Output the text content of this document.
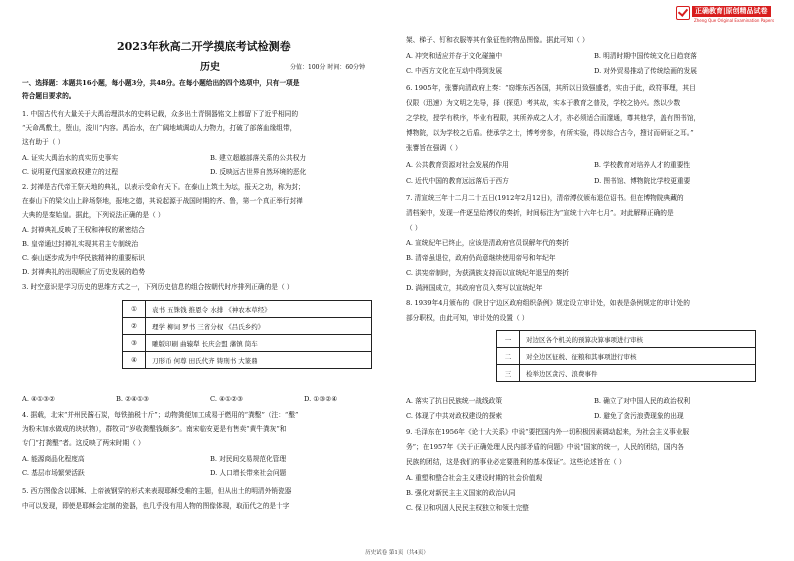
正确教育|原创精品试卷
Zheng Que Original Examination Papers
2023年秋高二开学摸底考试检测卷
历史	分值：100分 时间：60分钟
一、选择题：本题共16小题，每小题3分，共48分。在每小题给出的四个选项中，只有一项是
符合题目要求的。
1. 中国古代有大量关于大禹治理洪水的史料记载，众多出土青铜器铭文上都留下了近乎相同的
“天命禹敷土，堕山，浚川”内容。禹治水，在广阔地域调动人力物力，打破了部落血缘组带，
这有助于（ ）
A. 证实大禹治水的真实历史事实	B. 建立超越部落关系的公共权力
C. 说明夏代国家政权建立的过程	D. 反映远古世界自然环境的恶化
2. 封禅是古代帝王祭天地的典礼，以表示受命有天下。在泰山上筑土为坛，报天之功，称为封；
在泰山下的梁父山上辟场祭地，报地之德，其说起源于战国时期的齐、鲁，第一个真正举行封禅
大典的是秦始皇。据此，下列说法正确的是（ ）
A. 封禅典礼反映了王权和神权的紧密结合
B. 皇帝通过封禅礼实现其君主专制统治
C. 泰山逐步成为中华民族精神的重要标识
D. 封禅典礼的出现顺应了历史发展的趋势
3. 时空意识是学习历史的思维方式之一，下列历史信息的组合按朝代时序排列正确的是（ ）
①	袁书 五铢钱 推恩令 水排 《神农本草经》
②	理学 柳词 罗书 三省分权 《吕氏乡约》
③	雕版印刷 曲辕犁 长庆会盟 藩镇 筒车
④	刀形币 何尊 田氏代齐 铸刑书 大篆鼎
A. ④①③②	B. ②④①③	C. ④①②③	D. ①③②④
4. 据载，北宋“并州民酱石炭，每铁抽税十斤”；动物粪便加工成易于燃用的“粪墼”（注：“墼”
为粉末加水做成的块状物），群牧司“岁收粪墼钱颇多”。南宋临安更是有售卖“黄牛粪灰”和
专门“打粪墼”者。这反映了两宋时期（ ）
A. 能源商品化程度高	B. 对民间交易规范化管理
C. 基层市场繁荣活跃	D. 人口增长带来社会问题
5. 西方图像含以耶稣、上帝被钢穿的形式来表现耶稣受难的主题，但从出土的明清外销瓷器
中可以发现，即使是耶稣会定制的瓷器，也几乎没有用人物的图像体现，取而代之的是十字
架、梯子、钉和衣服等其有象征性的物品图像。据此可知（ ）
A. 冲突和适应并存于文化碰撞中	B. 明清时期中国传统文化日趋衰落
C. 中西方文化在互动中得到发展	D. 对外贸易推动了传统绘画的发展
6. 1905年，张謇向清政府上奏：“窃维东西各国，其所以日致强盛者，实由于此，政符事理，其目
仅限（迅速）为文明之先导，择（探觅）考其故，实本于教育之普及，学校之协兴。然以少数
之学校，授学有秩序，毕业有程限，其所养成之人才，亦必须适合而邃通，尊其他学，盖有图书馆，
博物院，以为学校之后盾。使承学之士，博考旁参，有所实验，得以综合古今，搜讨而研证之耳。”
张謇旨在强调（ ）
A. 公共教育资源对社会发展的作用	B. 学校教育对培养人才的重要性
C. 近代中国的教育远远落后于西方	D. 图书馆、博物院比学校更重要
7. 清宣统三年十二月二十五日(1912年2月12日)，清帝溥仪颁布退位诏书。但在博物院典藏的
清档案中，发现一件逐呈给溥仪的奏折，时间标注为“宣统十六年七月”。对此解释正确的是
（ ）
A. 宣统紀年已终止，应该是清政府官员误解年代的奏折
B. 清帝虽退位，政府仍尚意继续使用帝号和年纪年
C. 洪宪帝制时，为获满族支持而以宣统纪年退呈的奏折
D. 满洲国成立，其政府官员入奏写以宣统纪年
8. 1939年4月颁布的《陕甘宁边区政府组织条例》规定设立审计处，如表是条例规定的审计处的
部分职权，由此可知，审计处的设置（ ）
一	对边区各个机关的预算决算事项进行审核
二	对全边区征税、征粮和其事项进行审核
三	检举边区贪污、浪费事件
A. 落实了抗日民族统一战线政策	B. 确立了对中国人民的政治权利
C. 体现了中共对政权建设的探索	D. 避免了贪污浪费现象的出现
9. 毛泽东在1956年《论十大关系》中说“要把国内外一切积极因素调动起来，为社会主义事业服
务”；在1957年《关于正确处理人民内部矛盾的问题》中说“国家的统一，人民的团结，国内各
民族的团结，这是我们的事业必定要胜利的基本保证”。这些论述旨在（ ）
A. 重塑和整合社会主义建设时期的社会价值观
B. 强化对新民主主义国家的政治认同
C. 保卫和巩固人民民主权独立和领土完整
历史试卷 第1页（共4页）
